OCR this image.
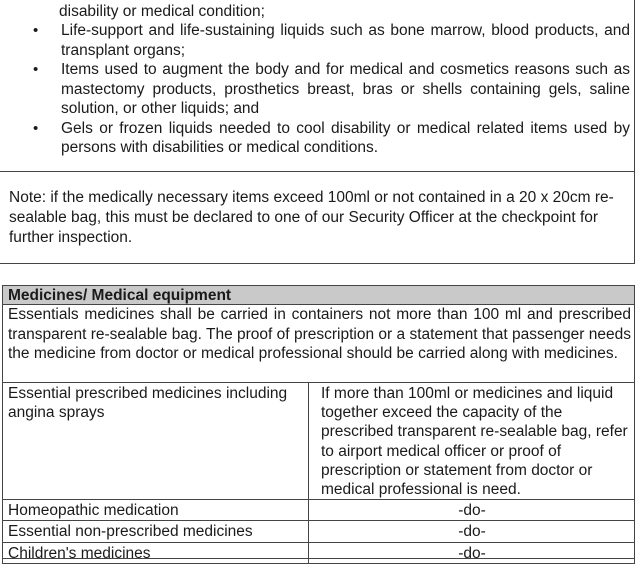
disability or medical condition;
• Life-support and life-sustaining liquids such as bone marrow, blood products, and transplant organs;
• Items used to augment the body and for medical and cosmetics reasons such as mastectomy products, prosthetics breast, bras or shells containing gels, saline solution, or other liquids; and
• Gels or frozen liquids needed to cool disability or medical related items used by persons with disabilities or medical conditions.
Note: if the medically necessary items exceed 100ml or not contained in a 20 x 20cm re-sealable bag, this must be declared to one of our Security Officer at the checkpoint for further inspection.
Medicines/ Medical equipment
Essentials medicines shall be carried in containers not more than 100 ml and prescribed transparent re-sealable bag. The proof of prescription or a statement that passenger needs the medicine from doctor or medical professional should be carried along with medicines.
Essential prescribed medicines including angina sprays	If more than 100ml or medicines and liquid together exceed the capacity of the prescribed transparent re-sealable bag, refer to airport medical officer or proof of prescription or statement from doctor or medical professional is need.
Homeopathic medication	-do-
Essential non-prescribed medicines	-do-
Children's medicines	-do-
